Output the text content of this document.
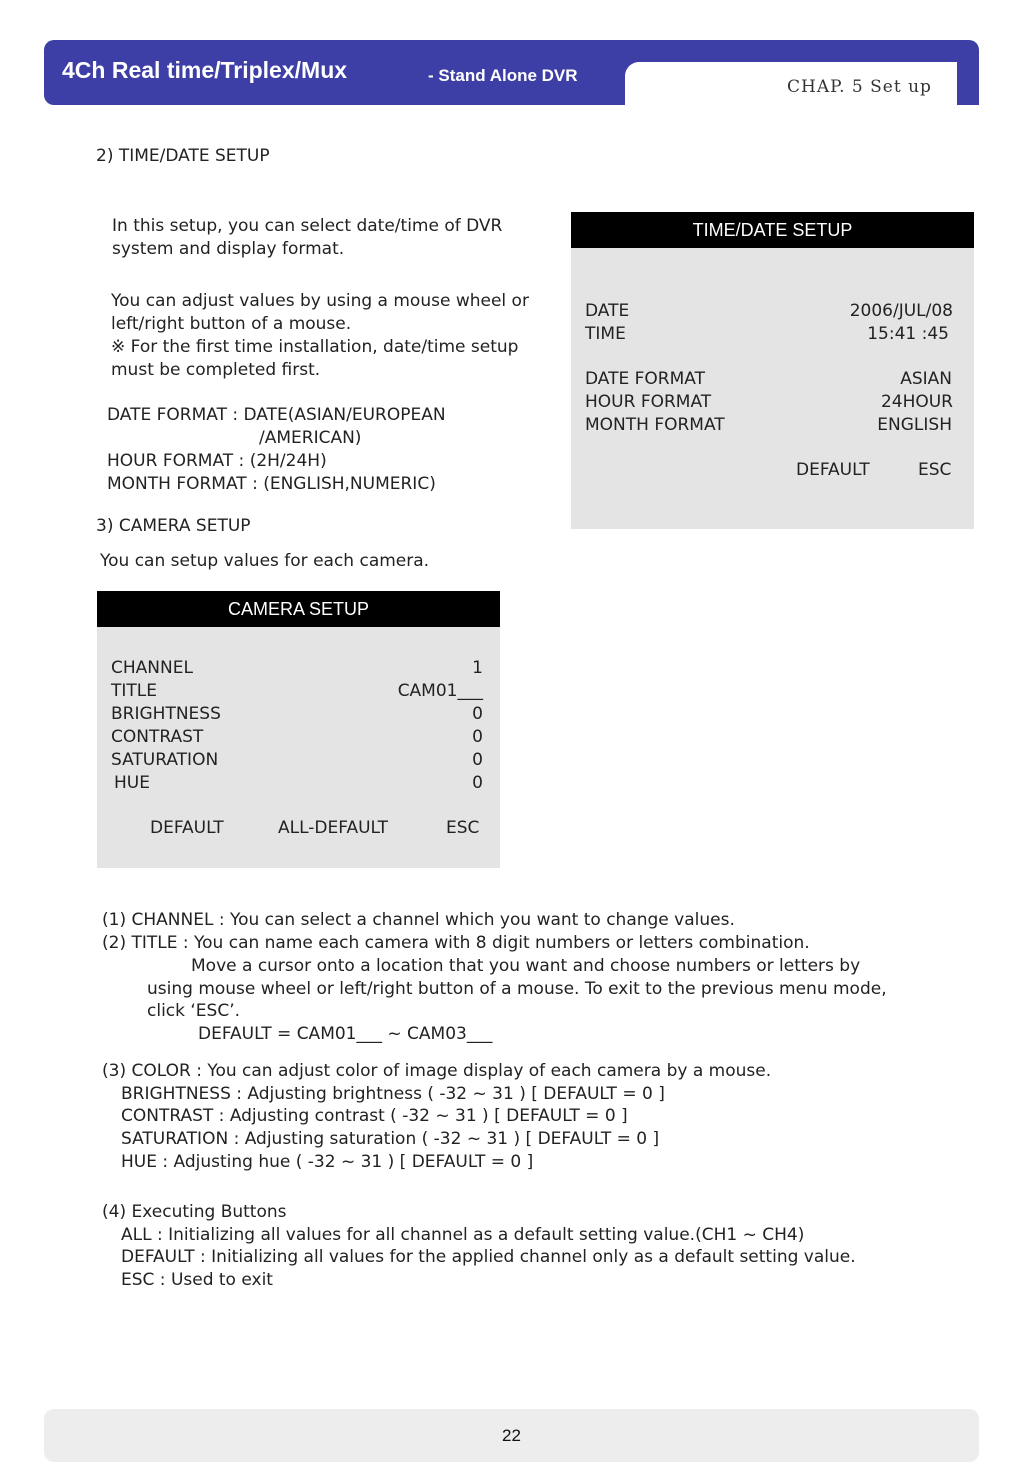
4Ch Real time/Triplex/Mux	- Stand Alone DVR
CHAP. 5 Set up
2) TIME/DATE SETUP
In this setup, you can select date/time of DVR
system and display format.
You can adjust values by using a mouse wheel or
left/right button of a mouse.
※ For the first time installation, date/time setup
must be completed first.
DATE FORMAT : DATE(ASIAN/EUROPEAN
/AMERICAN)
HOUR FORMAT : (2H/24H)
MONTH FORMAT : (ENGLISH,NUMERIC)
TIME/DATE SETUP
DATE	2006/JUL/08
TIME	15:41 :45
DATE FORMAT	ASIAN
HOUR FORMAT	24HOUR
MONTH FORMAT	ENGLISH
DEFAULT	ESC
3) CAMERA SETUP
You can setup values for each camera.
CAMERA SETUP
CHANNEL	1
TITLE	CAM01___
BRIGHTNESS	0
CONTRAST	0
SATURATION	0
HUE	0
DEFAULT	ALL-DEFAULT	ESC
(1) CHANNEL : You can select a channel which you want to change values.
(2) TITLE : You can name each camera with 8 digit numbers or letters combination.
Move a cursor onto a location that you want and choose numbers or letters by
using mouse wheel or left/right button of a mouse. To exit to the previous menu mode,
click ‘ESC’.
DEFAULT = CAM01___ ~ CAM03___
(3) COLOR : You can adjust color of image display of each camera by a mouse.
BRIGHTNESS : Adjusting brightness ( -32 ~ 31 ) [ DEFAULT = 0 ]
CONTRAST : Adjusting contrast ( -32 ~ 31 ) [ DEFAULT = 0 ]
SATURATION : Adjusting saturation ( -32 ~ 31 ) [ DEFAULT = 0 ]
HUE : Adjusting hue ( -32 ~ 31 ) [ DEFAULT = 0 ]
(4) Executing Buttons
ALL : Initializing all values for all channel as a default setting value.(CH1 ~ CH4)
DEFAULT : Initializing all values for the applied channel only as a default setting value.
ESC : Used to exit
22
